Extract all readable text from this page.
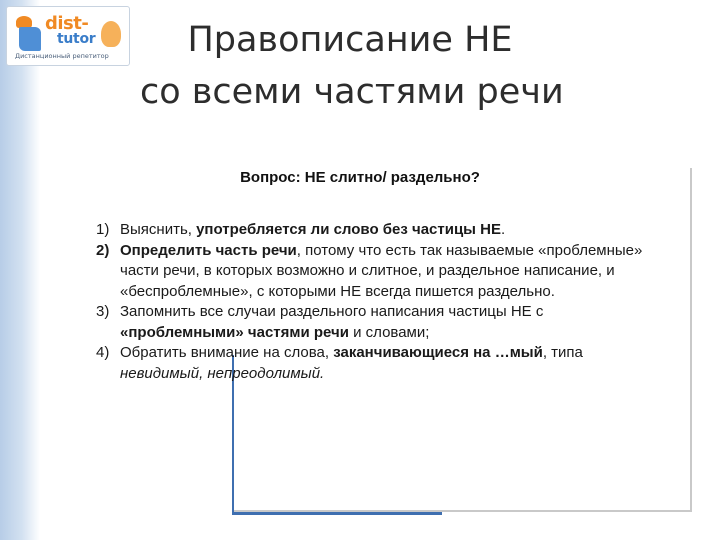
dist-
tutor
Дистанционный репетитор	Правописание НЕ
со всеми частями речи
Вопрос: НЕ слитно/ раздельно?
1) Выяснить, употребляется ли слово без частицы НЕ.
2) Определить часть речи, потому что есть так называемые «проблемные» части речи, в которых возможно и слитное, и раздельное написание, и «беспроблемные», с которыми НЕ всегда пишется раздельно.
3) Запомнить все случаи раздельного написания частицы НЕ с «проблемными» частями речи и словами;
4) Обратить внимание на слова, заканчивающиеся на …мый, типа невидимый, непреодолимый.
